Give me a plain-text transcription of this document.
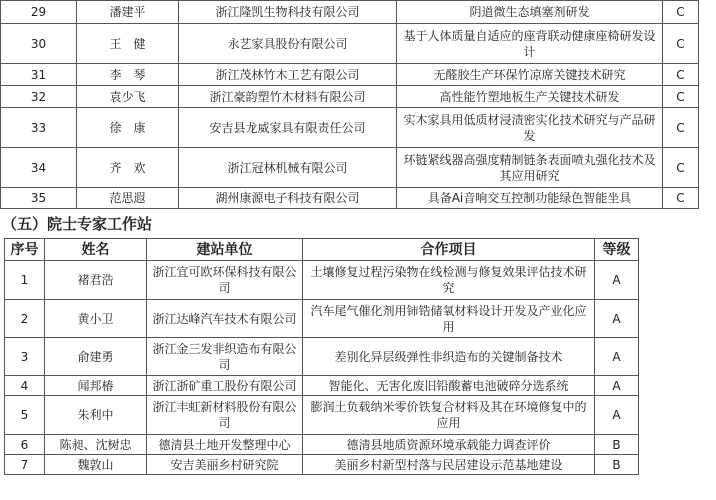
29	潘建平	浙江隆凯生物科技有限公司	阴道微生态填塞剂研发	C
30	王　健	永艺家具股份有限公司	基于人体质量自适应的座背联动健康座椅研发设计	C
31	李　琴	浙江茂林竹木工艺有限公司	无醛胶生产环保竹凉席关键技术研究	C
32	袁少飞	浙江豪韵塑竹木材料有限公司	高性能竹塑地板生产关键技术研发	C
33	徐　康	安吉县龙威家具有限责任公司	实木家具用低质材浸渍密实化技术研究与产品研发	C
34	齐　欢	浙江冠林机械有限公司	环链紧线器高强度精制链条表面喷丸强化技术及其应用研究	C
35	范思遐	湖州康源电子科技有限公司	具备Ai音响交互控制功能绿色智能坐具	C
（五）院士专家工作站
序号	姓名	建站单位	合作项目	等级
1	褚君浩	浙江宜可欧环保科技有限公司	土壤修复过程污染物在线检测与修复效果评估技术研究	A
2	黄小卫	浙江达峰汽车技术有限公司	汽车尾气催化剂用铈锆储氧材料设计开发及产业化应用	A
3	俞建勇	浙江金三发非织造布有限公司	差别化异层级弹性非织造布的关键制备技术	A
4	闻邦椿	浙江浙矿重工股份有限公司	智能化、无害化废旧铅酸蓄电池破碎分选系统	A
5	朱利中	浙江丰虹新材料股份有限公司	膨润土负载纳米零价铁复合材料及其在环境修复中的应用	A
6	陈昶、沈树忠	德清县土地开发整理中心	德清县地质资源环境承载能力调查评价	B
7	魏敦山	安吉美丽乡村研究院	美丽乡村新型村落与民居建设示范基地建设	B
